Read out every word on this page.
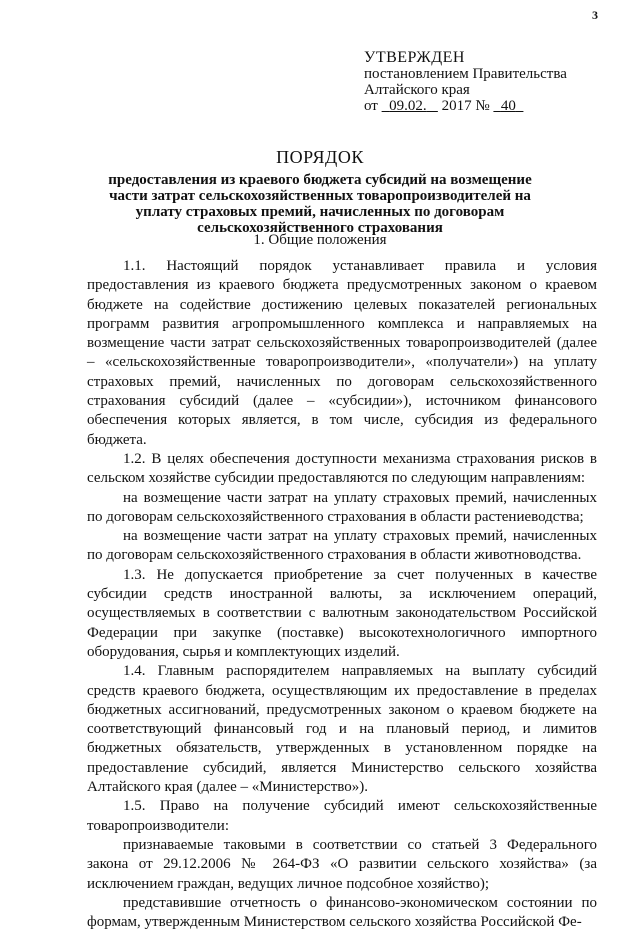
3
УТВЕРЖДЕН
постановлением Правительства
Алтайского края
от 09.02. 2017 № 40
ПОРЯДОК
предоставления из краевого бюджета субсидий на возмещение части затрат сельскохозяйственных товаропроизводителей на уплату страховых премий, начисленных по договорам сельскохозяйственного страхования
1. Общие положения

1.1. Настоящий порядок устанавливает правила и условия предоставления из краевого бюджета предусмотренных законом о краевом бюджете на содействие достижению целевых показателей региональных программ развития агропромышленного комплекса и направляемых на возмещение части затрат сельскохозяйственных товаропроизводителей (далее – «сельскохозяйственные товаропроизводители», «получатели») на уплату страховых премий, начисленных по договорам сельскохозяйственного страхования субсидий (далее – «субсидии»), источником финансового обеспечения которых является, в том числе, субсидия из федерального бюджета.

1.2. В целях обеспечения доступности механизма страхования рисков в сельском хозяйстве субсидии предоставляются по следующим направлениям:

на возмещение части затрат на уплату страховых премий, начисленных по договорам сельскохозяйственного страхования в области растениеводства;

на возмещение части затрат на уплату страховых премий, начисленных по договорам сельскохозяйственного страхования в области животноводства.

1.3. Не допускается приобретение за счет полученных в качестве субсидии средств иностранной валюты, за исключением операций, осуществляемых в соответствии с валютным законодательством Российской Федерации при закупке (поставке) высокотехнологичного импортного оборудования, сырья и комплектующих изделий.

1.4. Главным распорядителем направляемых на выплату субсидий средств краевого бюджета, осуществляющим их предоставление в пределах бюджетных ассигнований, предусмотренных законом о краевом бюджете на соответствующий финансовый год и на плановый период, и лимитов бюджетных обязательств, утвержденных в установленном порядке на предоставление субсидий, является Министерство сельского хозяйства Алтайского края (далее – «Министерство»).

1.5. Право на получение субсидий имеют сельскохозяйственные товаропроизводители:

признаваемые таковыми в соответствии со статьей 3 Федерального закона от 29.12.2006 № 264-ФЗ «О развитии сельского хозяйства» (за исключением граждан, ведущих личное подсобное хозяйство);

представившие отчетность о финансово-экономическом состоянии по формам, утвержденным Министерством сельского хозяйства Российской Фе-
